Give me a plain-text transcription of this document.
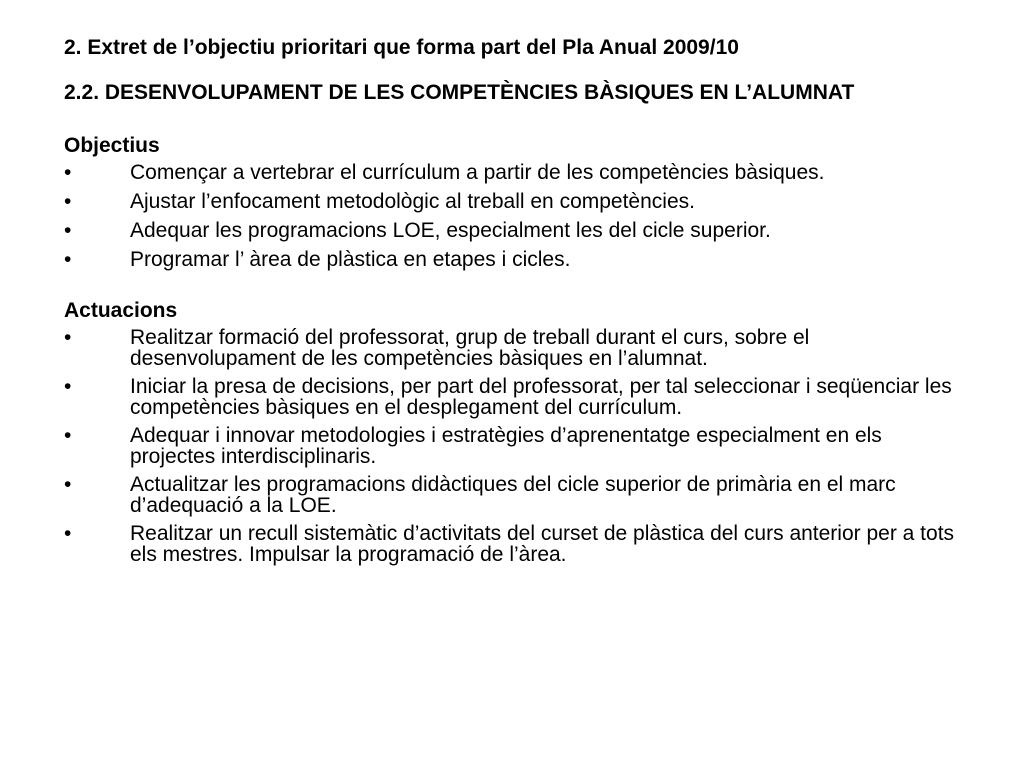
2. Extret de l’objectiu prioritari que forma part del Pla Anual 2009/10

2.2. DESENVOLUPAMENT DE LES COMPETÈNCIES BÀSIQUES EN L’ALUMNAT

Objectius

•	Començar a vertebrar el currículum a partir de les competències bàsiques.
•	Ajustar l’enfocament metodològic al treball en competències.
•	Adequar les programacions LOE, especialment les del cicle superior.
•	Programar l’ àrea de plàstica en etapes i cicles.

Actuacions

•	Realitzar formació del professorat, grup de treball durant el curs, sobre el desenvolupament de les competències bàsiques en l’alumnat.
•	Iniciar la presa de decisions, per part del professorat, per tal seleccionar i seqüenciar les competències bàsiques en el desplegament del currículum.
•	Adequar i innovar metodologies i estratègies d’aprenentatge especialment en els projectes interdisciplinaris.
•	Actualitzar les programacions didàctiques del cicle superior de primària en el marc d’adequació a la LOE.
•	Realitzar un recull sistemàtic d’activitats del curset de plàstica del curs anterior per a tots els mestres. Impulsar la programació de l’àrea.
